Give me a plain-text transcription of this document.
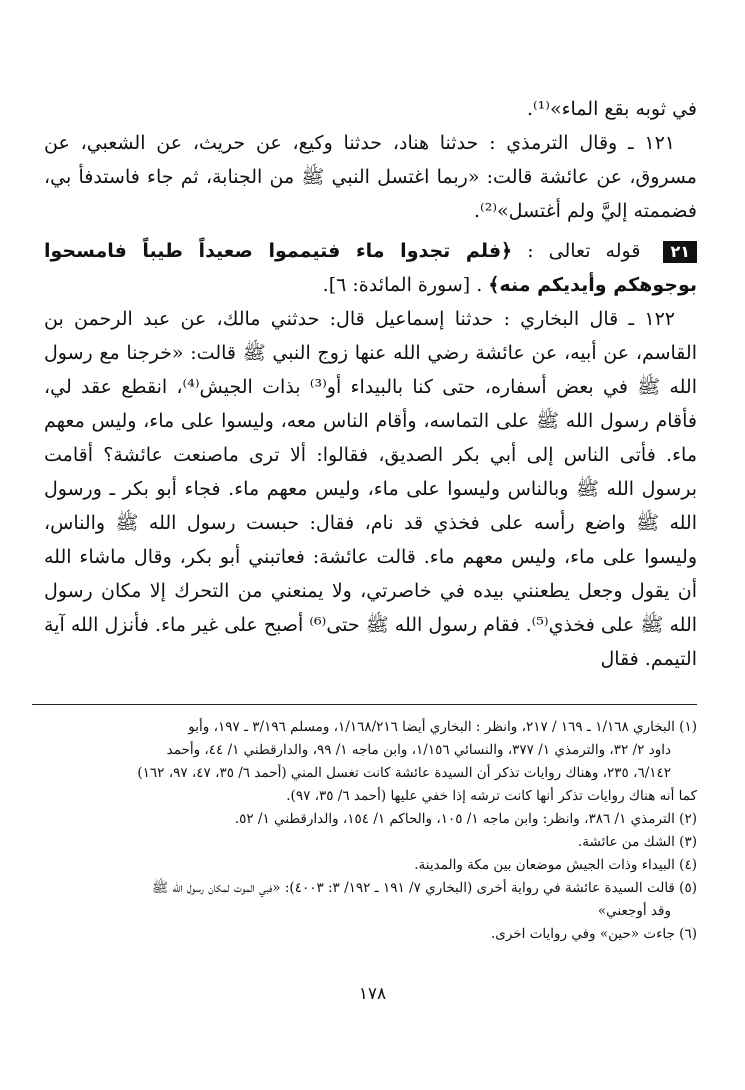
في ثوبه بقع الماء»⁽¹⁾.

١٢١ ـ وقال الترمذي : حدثنا هناد، حدثنا وكيع، عن حريث، عن الشعبي، عن مسروق، عن عائشة قالت: «ربما اغتسل النبي ﷺ من الجنابة، ثم جاء فاستدفأ بي، فضممته إليَّ ولم أغتسل»⁽²⁾.

٢١ قوله تعالى : ﴿فلم تجدوا ماء فتيمموا صعيداً طيباً فامسحوا بوجوهكم وأيديكم منه﴾ . [سورة المائدة: ٦].

١٢٢ ـ قال البخاري : حدثنا إسماعيل قال: حدثني مالك، عن عبد الرحمن بن القاسم، عن أبيه، عن عائشة رضي الله عنها زوج النبي ﷺ قالت: «خرجنا مع رسول الله ﷺ في بعض أسفاره، حتى كنا بالبيداء أو⁽³⁾ بذات الجيش⁽⁴⁾، انقطع عقد لي، فأقام رسول الله ﷺ على التماسه، وأقام الناس معه، وليسوا على ماء، وليس معهم ماء. فأتى الناس إلى أبي بكر الصديق، فقالوا: ألا ترى ماصنعت عائشة؟ أقامت برسول الله ﷺ وبالناس وليسوا على ماء، وليس معهم ماء. فجاء أبو بكر ـ ورسول الله ﷺ واضع رأسه على فخذي قد نام، فقال: حبست رسول الله ﷺ والناس، وليسوا على ماء، وليس معهم ماء. قالت عائشة: فعاتبني أبو بكر، وقال ماشاء الله أن يقول وجعل يطعنني بيده في خاصرتي، ولا يمنعني من التحرك إلا مكان رسول الله ﷺ على فخذي⁽⁵⁾. فقام رسول الله ﷺ حتى⁽⁶⁾ أصبح على غير ماء. فأنزل الله آية التيمم. فقال

(١) البخاري ١/١٦٨ ـ ١٦٩ / ٢١٧، وانظر : البخاري أيضا ١/١٦٨/٢١٦، ومسلم ٣/١٩٦ ـ ١٩٧، وأبو

داود ٢/ ٣٢، والترمذي ١/ ٣٧٧، والنسائي ١/١٥٦، وابن ماجه ١/ ٩٩، والدارقطني ١/ ٤٤، وأحمد

٦/١٤٢، ٢٣٥، وهناك روايات تذكر أن السيدة عائشة كانت تغسل المني (أحمد ٦/ ٣٥، ٤٧، ٩٧، ١٦٢)

كما أنه هناك روايات تذكر أنها كانت ترشه إذا خفي عليها (أحمد ٦/ ٣٥، ٩٧).

(٢) الترمذي ١/ ٣٨٦، وانظر: وابن ماجه ١/ ١٠٥، والحاكم ١/ ١٥٤، والدارقطني ١/ ٥٢.

(٣) الشك من عائشة.

(٤) البيداء وذات الجيش موضعان بين مكة والمدينة.

(٥) قالت السيدة عائشة في رواية أخرى (البخاري ٧/ ١٩١ ـ ١٩٢/ ٣: ٤٠٠٣): «فبي الموت لمكان رسول الله ﷺ

وقد أوجعني»

(٦) جاءت «حين» وفي روايات اخرى.

١٧٨
